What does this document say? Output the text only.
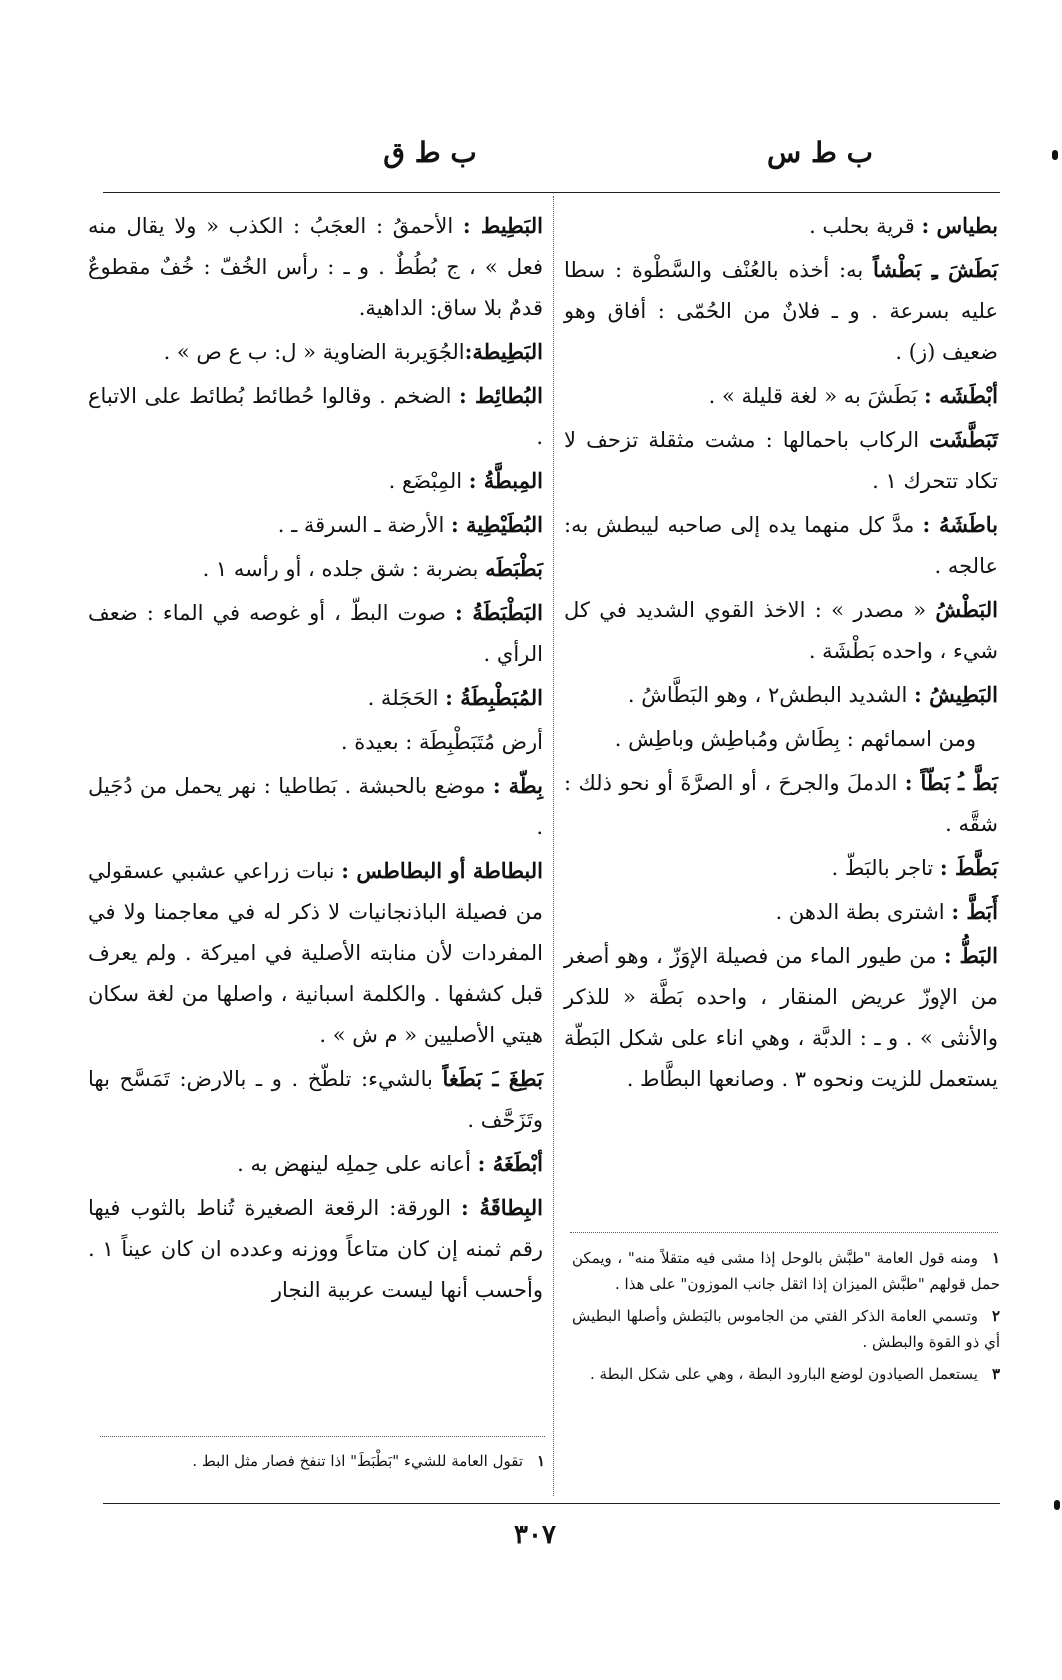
ب ط ق	ب ط س
بطياس : قرية بحلب .
بَطَشَ ـِ بَطْشاً به: أخذه بالعُنْف والسَّطْوة : سطا عليه بسرعة . و ـ فلانٌ من الحُمّى : أفاق وهو ضعيف (ز) .
أبْطَشَه : بَطَشَ به « لغة قليلة » .
تَبَطَّشَت الركاب باحمالها : مشت مثقلة تزحف لا تكاد تتحرك ١ .
باطَشَهُ : مدَّ كل منهما يده إلى صاحبه ليبطش به: عالجه .
البَطْشُ « مصدر » : الاخذ القوي الشديد في كل شيء ، واحده بَطْشَة .
البَطِيشُ : الشديد البطش٢ ، وهو البَطَّاشُ .
ومن اسمائهم : بِطَاش ومُباطِش وباطِش .
بَطَّ ـُ بَطّاً : الدملَ والجرحَ ، أو الصرَّةَ أو نحو ذلك : شقَّه .
بَطَّطَ : تاجر بالبَطّ .
أَبَطَّ : اشترى بطة الدهن .
البَطُّ : من طيور الماء من فصيلة الإوَزّ ، وهو أصغر من الإوزّ عريض المنقار ، واحده بَطَّة « للذكر والأنثى » . و ـ : الدبَّة ، وهي اناء على شكل البَطّة يستعمل للزيت ونحوه ٣ . وصانعها البطَّاط .
١ومنه قول العامة "طبَّش بالوحل إذا مشى فيه متقلاً منه" ، ويمكن حمل قولهم "طبَّش الميزان إذا اثقل جانب الموزون" على هذا .
٢وتسمي العامة الذكر الفتي من الجاموس بالبَطش وأصلها البطيش أي ذو القوة والبطش .
٣يستعمل الصيادون لوضع البارود البطة ، وهي على شكل البطة .
البَطِيط : الأحمقُ : العجَبُ : الكذب « ولا يقال منه فعل » ، ج بُطُطٌ . و ـ : رأس الخُفّ : خُفٌ مقطوعٌ قدمٌ بلا ساق: الداهية.
البَطِيطة:الجُوَيربة الضاوية « ل: ب ع ص » .
البُطائِط : الضخم . وقالوا حُطائط بُطائط على الاتباع .
المِبطَّةُ : المِبْضَع .
البُطَيْطِية : الأرضة ـ السرقة ـ .
بَطْبَطَه بضربة : شق جلده ، أو رأسه ١ .
البَطْبَطَةُ : صوت البطّ ، أو غوصه في الماء : ضعف الرأي .
المُبَطْبِطَةُ : الحَجَلة .
أرض مُتَبَطْبِطَة : بعيدة .
بِطّة : موضع بالحبشة . بَطاطيا : نهر يحمل من دُجَيل .
البطاطة أو البطاطس : نبات زراعي عشبي عسقولي من فصيلة الباذنجانيات لا ذكر له في معاجمنا ولا في المفردات لأن منابته الأصلية في اميركة . ولم يعرف قبل كشفها . والكلمة اسبانية ، واصلها من لغة سكان هيتي الأصليين « م ش » .
بَطِغَ ـَ بَطَغاً بالشيء: تلطّخ . و ـ بالارض: تَمَسَّح بها وتَزَحَّف .
أبْطَغَهُ : أعانه على حِملِه لينهض به .
البِطاقَةُ : الورقة: الرقعة الصغيرة تُناط بالثوب فيها رقم ثمنه إن كان متاعاً ووزنه وعدده ان كان عيناً ١ . وأحسب أنها ليست عربية النجار
١تقول العامة للشيء "بَطْبَطَ" اذا تنفخ فصار مثل البط .
٣٠٧
